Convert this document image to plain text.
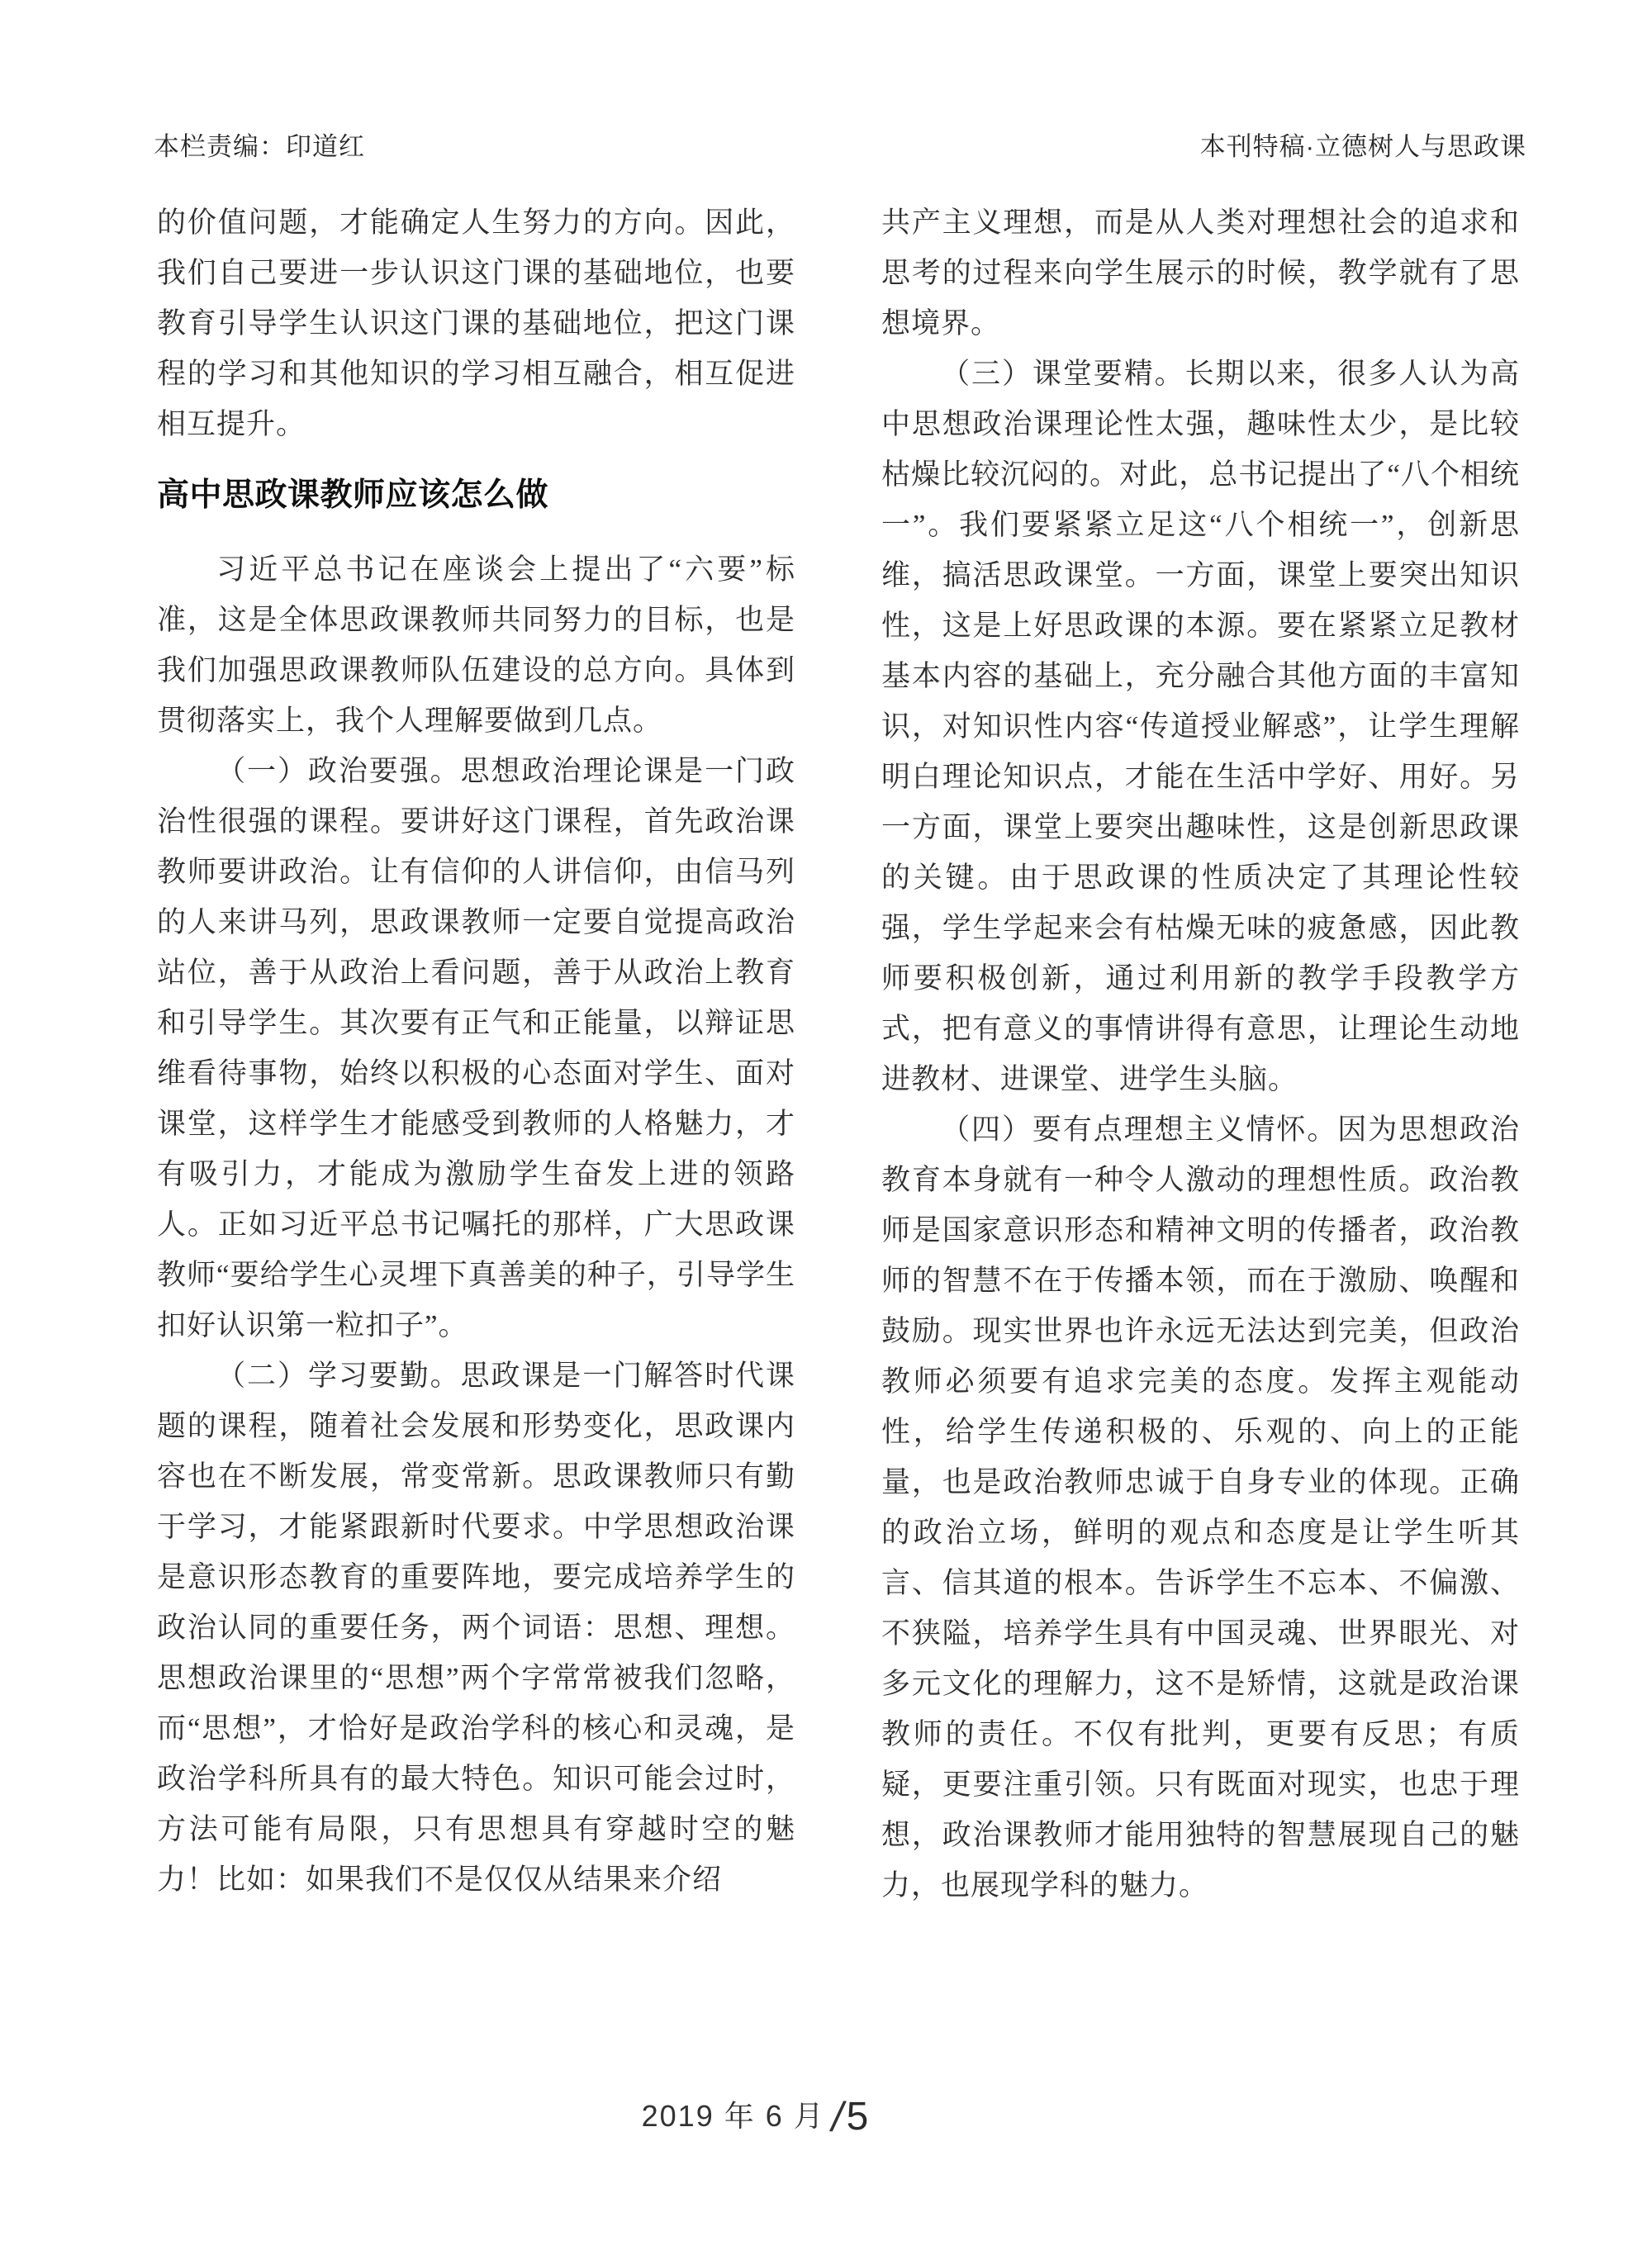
本栏责编：印道红	本刊特稿·立德树人与思政课

的价值问题，才能确定人生努力的方向。因此，我们自己要进一步认识这门课的基础地位，也要教育引导学生认识这门课的基础地位，把这门课程的学习和其他知识的学习相互融合，相互促进相互提升。

高中思政课教师应该怎么做

习近平总书记在座谈会上提出了“六要”标准，这是全体思政课教师共同努力的目标，也是我们加强思政课教师队伍建设的总方向。具体到贯彻落实上，我个人理解要做到几点。

（一）政治要强。思想政治理论课是一门政治性很强的课程。要讲好这门课程，首先政治课教师要讲政治。让有信仰的人讲信仰，由信马列的人来讲马列，思政课教师一定要自觉提高政治站位，善于从政治上看问题，善于从政治上教育和引导学生。其次要有正气和正能量，以辩证思维看待事物，始终以积极的心态面对学生、面对课堂，这样学生才能感受到教师的人格魅力，才有吸引力，才能成为激励学生奋发上进的领路人。正如习近平总书记嘱托的那样，广大思政课教师“要给学生心灵埋下真善美的种子，引导学生扣好认识第一粒扣子”。

（二）学习要勤。思政课是一门解答时代课题的课程，随着社会发展和形势变化，思政课内容也在不断发展，常变常新。思政课教师只有勤于学习，才能紧跟新时代要求。中学思想政治课是意识形态教育的重要阵地，要完成培养学生的政治认同的重要任务，两个词语：思想、理想。思想政治课里的“思想”两个字常常被我们忽略，而“思想”，才恰好是政治学科的核心和灵魂，是政治学科所具有的最大特色。知识可能会过时，方法可能有局限，只有思想具有穿越时空的魅力！比如：如果我们不是仅仅从结果来介绍

共产主义理想，而是从人类对理想社会的追求和思考的过程来向学生展示的时候，教学就有了思想境界。

（三）课堂要精。长期以来，很多人认为高中思想政治课理论性太强，趣味性太少，是比较枯燥比较沉闷的。对此，总书记提出了“八个相统一”。我们要紧紧立足这“八个相统一”，创新思维，搞活思政课堂。一方面，课堂上要突出知识性，这是上好思政课的本源。要在紧紧立足教材基本内容的基础上，充分融合其他方面的丰富知识，对知识性内容“传道授业解惑”，让学生理解明白理论知识点，才能在生活中学好、用好。另一方面，课堂上要突出趣味性，这是创新思政课的关键。由于思政课的性质决定了其理论性较强，学生学起来会有枯燥无味的疲惫感，因此教师要积极创新，通过利用新的教学手段教学方式，把有意义的事情讲得有意思，让理论生动地进教材、进课堂、进学生头脑。

（四）要有点理想主义情怀。因为思想政治教育本身就有一种令人激动的理想性质。政治教师是国家意识形态和精神文明的传播者，政治教师的智慧不在于传播本领，而在于激励、唤醒和鼓励。现实世界也许永远无法达到完美，但政治教师必须要有追求完美的态度。发挥主观能动性，给学生传递积极的、乐观的、向上的正能量，也是政治教师忠诚于自身专业的体现。正确的政治立场，鲜明的观点和态度是让学生听其言、信其道的根本。告诉学生不忘本、不偏激、不狭隘，培养学生具有中国灵魂、世界眼光、对多元文化的理解力，这不是矫情，这就是政治课教师的责任。不仅有批判，更要有反思；有质疑，更要注重引领。只有既面对现实，也忠于理想，政治课教师才能用独特的智慧展现自己的魅力，也展现学科的魅力。

2019 年 6 月 /5
